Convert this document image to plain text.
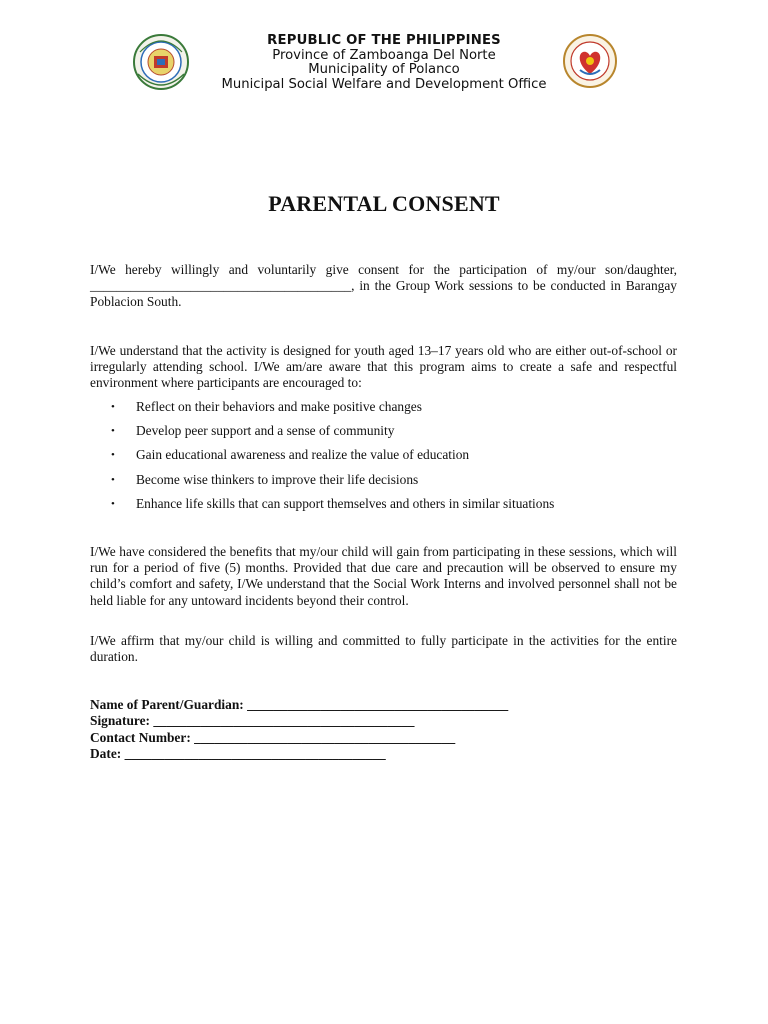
REPUBLIC OF THE PHILIPPINES
Province of Zamboanga Del Norte
Municipality of Polanco
Municipal Social Welfare and Development Office
PARENTAL CONSENT

I/We hereby willingly and voluntarily give consent for the participation of my/our son/daughter, _______________________________________, in the Group Work sessions to be conducted in Barangay Poblacion South.

I/We understand that the activity is designed for youth aged 13–17 years old who are either out-of-school or irregularly attending school. I/We am/are aware that this program aims to create a safe and respectful environment where participants are encouraged to:

• Reflect on their behaviors and make positive changes
• Develop peer support and a sense of community
• Gain educational awareness and realize the value of education
• Become wise thinkers to improve their life decisions
• Enhance life skills that can support themselves and others in similar situations

I/We have considered the benefits that my/our child will gain from participating in these sessions, which will run for a period of five (5) months. Provided that due care and precaution will be observed to ensure my child’s comfort and safety, I/We understand that the Social Work Interns and involved personnel shall not be held liable for any untoward incidents beyond their control.

I/We affirm that my/our child is willing and committed to fully participate in the activities for the entire duration.

Name of Parent/Guardian: _______________________________________
Signature: _______________________________________
Contact Number: _______________________________________
Date: _______________________________________
